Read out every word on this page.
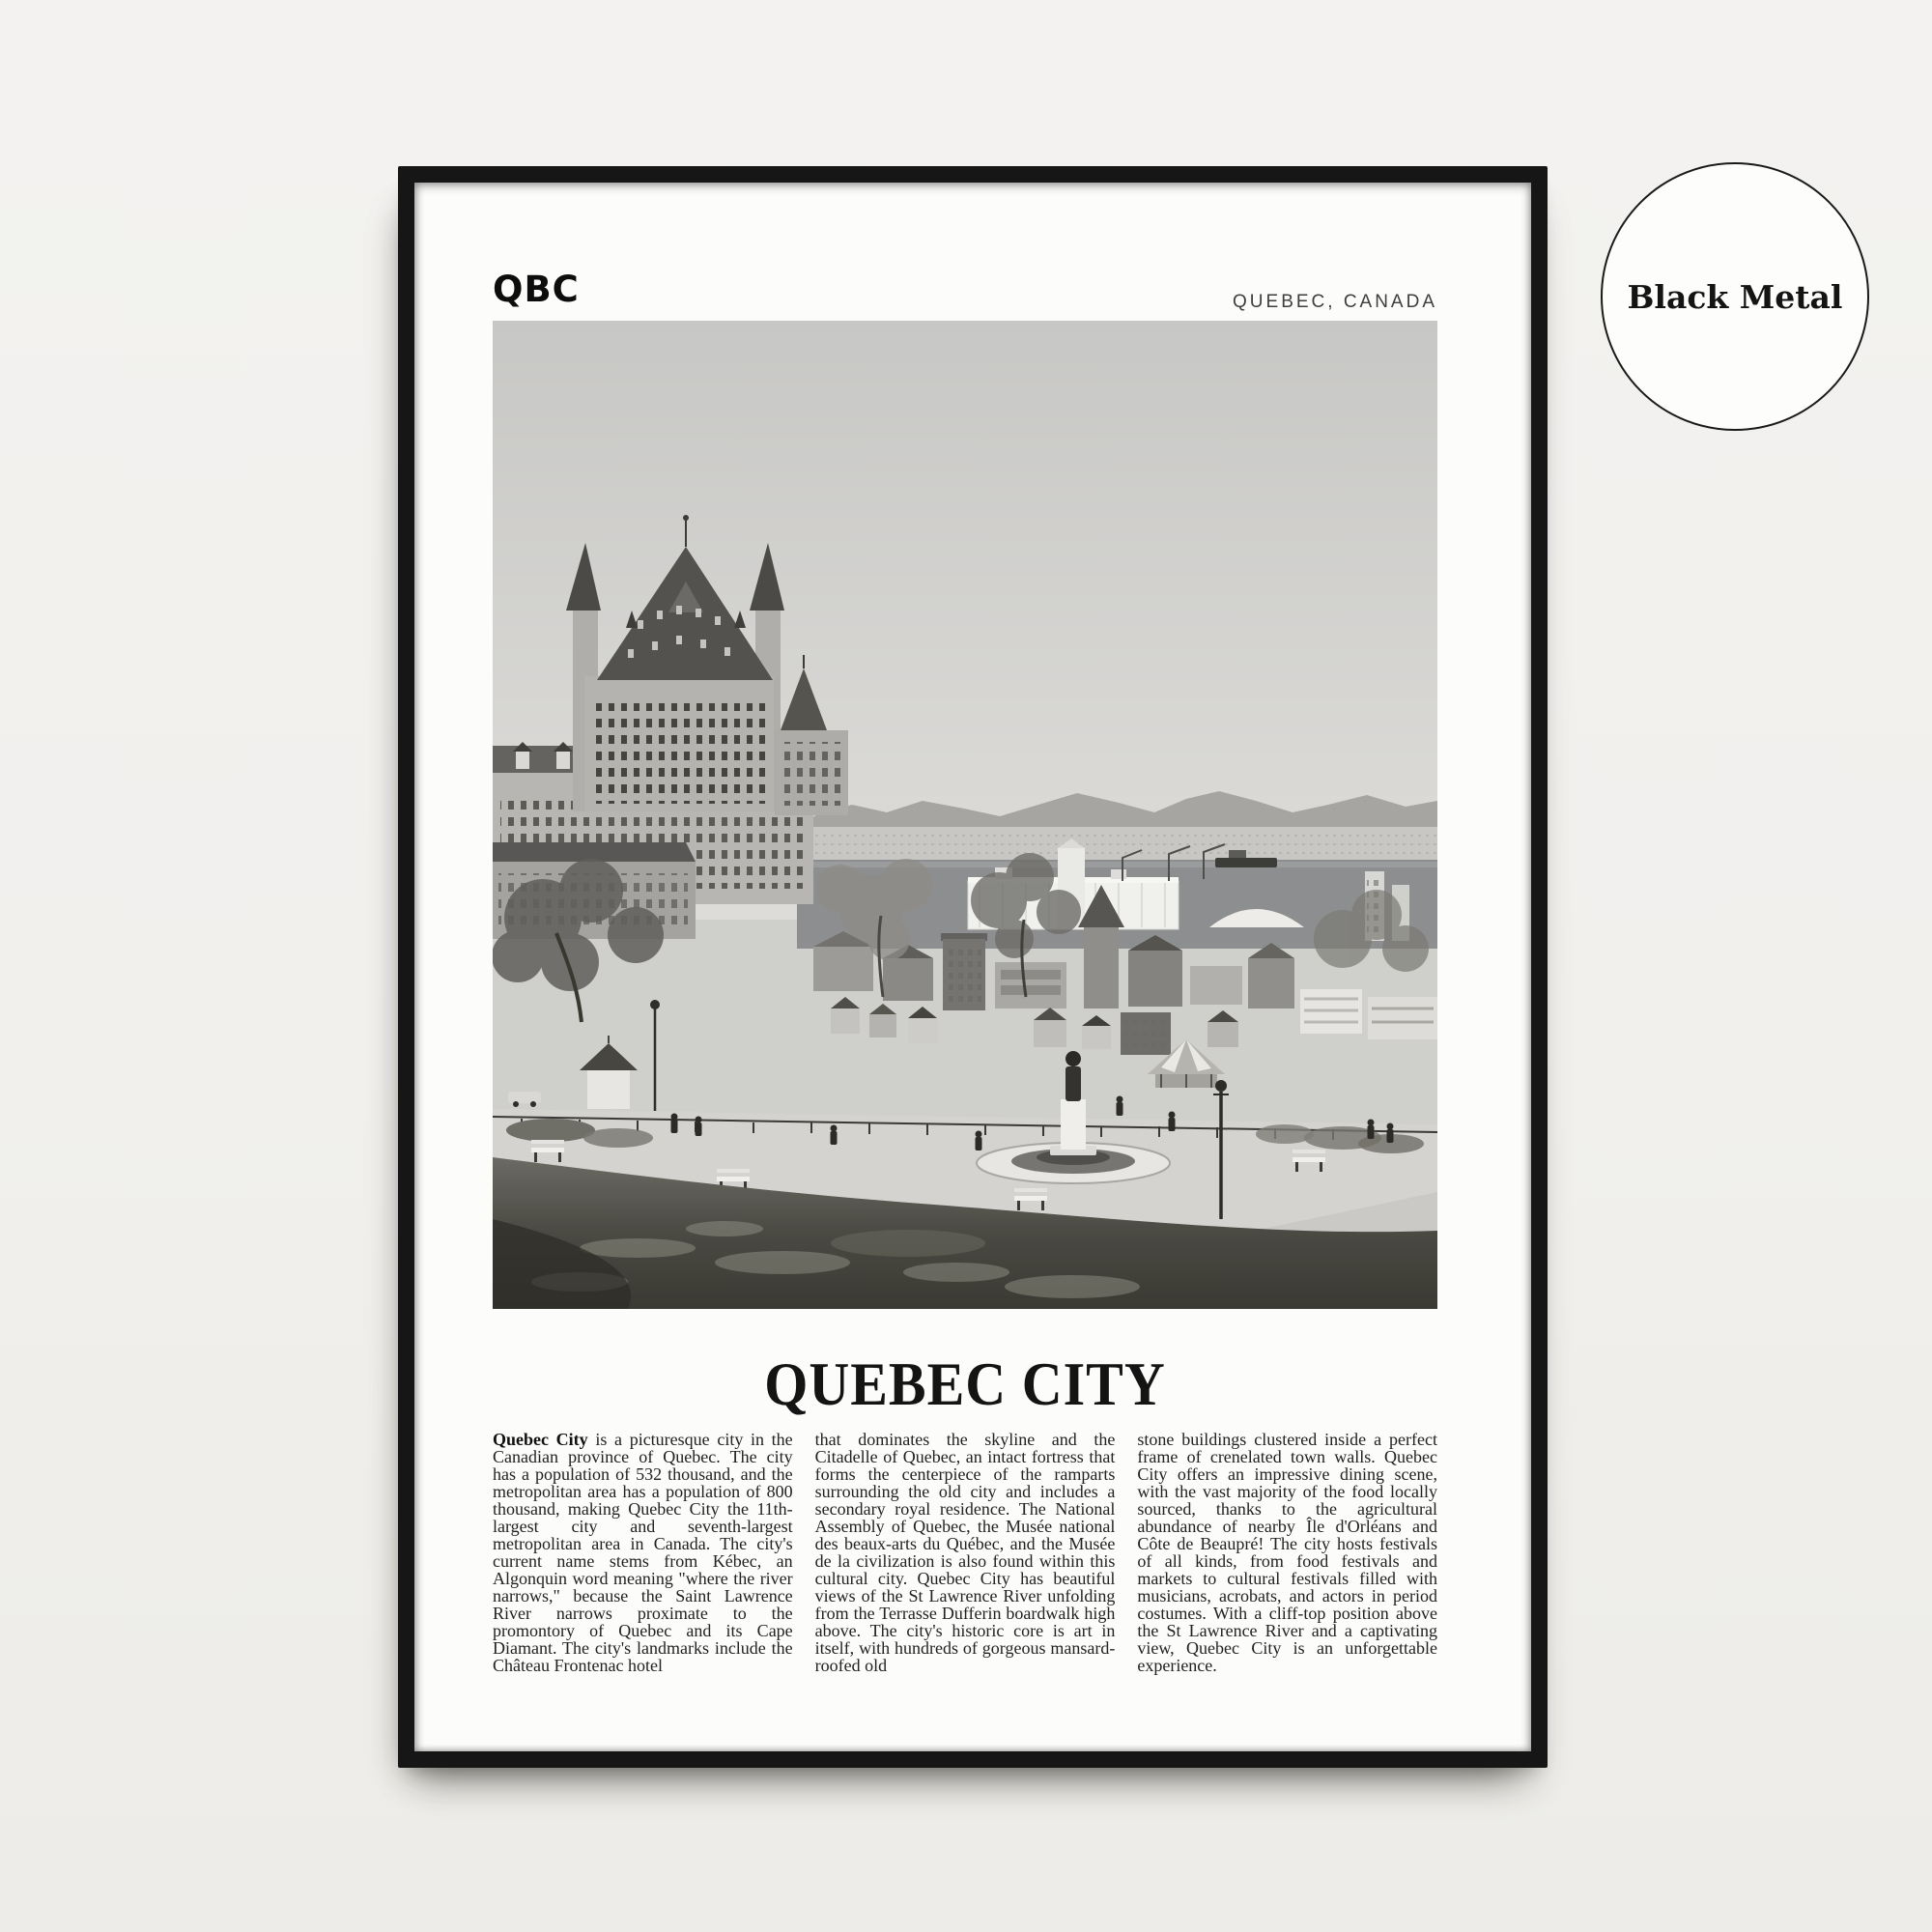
QBC	QUEBEC, CANADA
QUEBEC CITY

Quebec City is a picturesque city in the Canadian province of Quebec. The city has a population of 532 thousand, and the metropolitan area has a population of 800 thousand, making Quebec City the 11th-largest city and seventh-largest metropolitan area in Canada. The city's current name stems from Kébec, an Algonquin word meaning "where the river narrows," because the Saint Lawrence River narrows proximate to the promontory of Quebec and its Cape Diamant. The city's landmarks include the Château Frontenac hotel

that dominates the skyline and the Citadelle of Quebec, an intact fortress that forms the centerpiece of the ramparts surrounding the old city and includes a secondary royal residence. The National Assembly of Quebec, the Musée national des beaux-arts du Québec, and the Musée de la civilization is also found within this cultural city. Quebec City has beautiful views of the St Lawrence River unfolding from the Terrasse Dufferin boardwalk high above. The city's historic core is art in itself, with hundreds of gorgeous mansard-roofed old

stone buildings clustered inside a perfect frame of crenelated town walls. Quebec City offers an impressive dining scene, with the vast majority of the food locally sourced, thanks to the agricultural abundance of nearby Île d'Orléans and Côte de Beaupré! The city hosts festivals of all kinds, from food festivals and markets to cultural festivals filled with musicians, acrobats, and actors in period costumes. With a cliff-top position above the St Lawrence River and a captivating view, Quebec City is an unforgettable experience.

Black Metal
